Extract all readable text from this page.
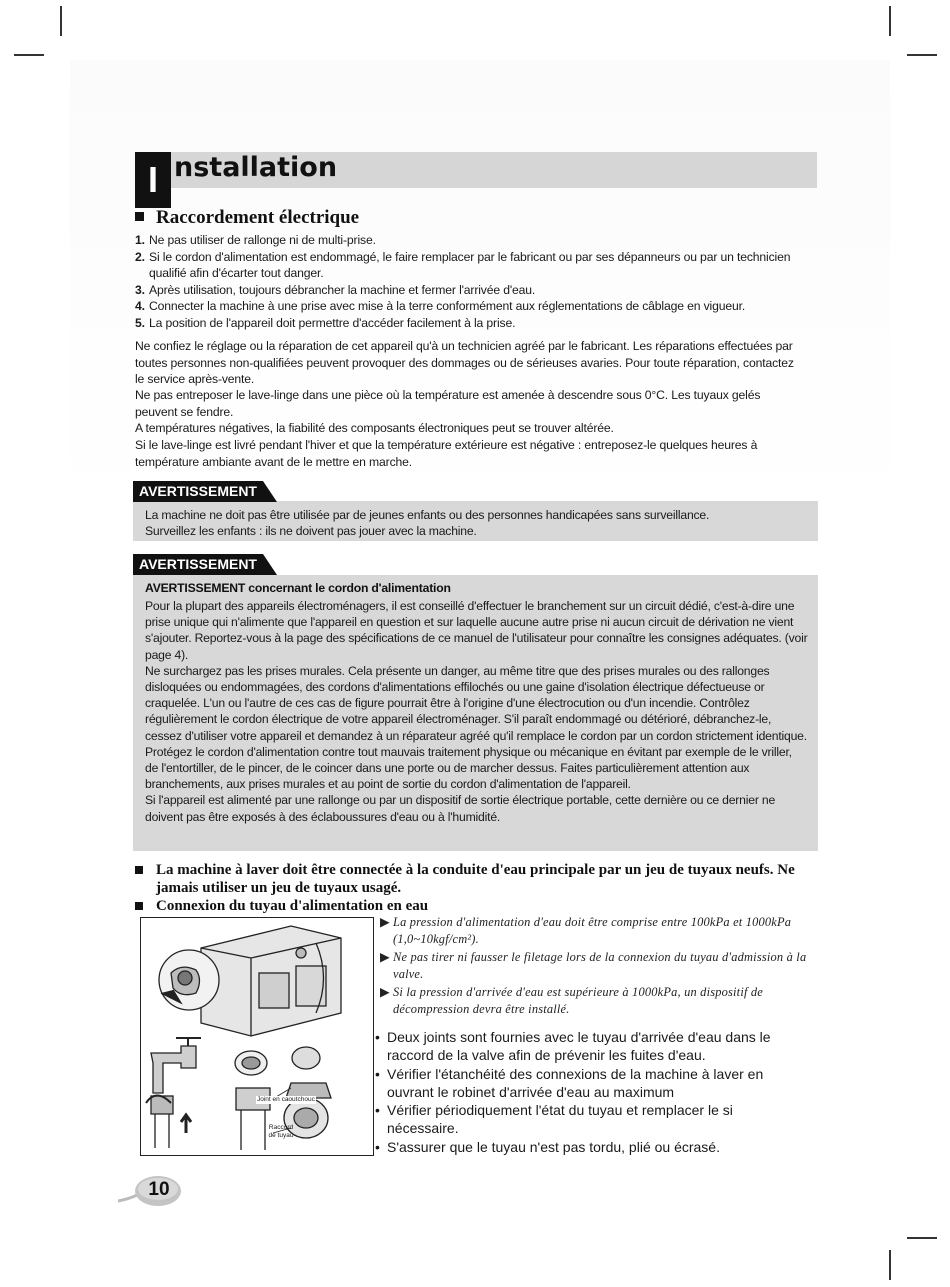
I nstallation
Raccordement électrique
1. Ne pas utiliser de rallonge ni de multi-prise.
2. Si le cordon d'alimentation est endommagé, le faire remplacer par le fabricant ou par ses dépanneurs ou par un technicien qualifié afin d'écarter tout danger.
3. Après utilisation, toujours débrancher la machine et fermer l'arrivée d'eau.
4. Connecter la machine à une prise avec mise à la terre conformément aux réglementations de câblage en vigueur.
5. La position de l'appareil doit permettre d'accéder facilement à la prise.

Ne confiez le réglage ou la réparation de cet appareil qu'à un technicien agréé par le fabricant. Les réparations effectuées par toutes personnes non-qualifiées peuvent provoquer des dommages ou de sérieuses avaries. Pour toute réparation, contactez le service après-vente.

Ne pas entreposer le lave-linge dans une pièce où la température est amenée à descendre sous 0°C. Les tuyaux gelés peuvent se fendre.

A températures négatives, la fiabilité des composants électroniques peut se trouver altérée.

Si le lave-linge est livré pendant l'hiver et que la température extérieure est négative : entreposez-le quelques heures à température ambiante avant de le mettre en marche.

La machine ne doit pas être utilisée par de jeunes enfants ou des personnes handicapées sans surveillance.

Surveillez les enfants : ils ne doivent pas jouer avec la machine.

AVERTISSEMENT

AVERTISSEMENT concernant le cordon d'alimentation

Pour la plupart des appareils électroménagers, il est conseillé d'effectuer le branchement sur un circuit dédié, c'est-à-dire une prise unique qui n'alimente que l'appareil en question et sur laquelle aucune autre prise ni aucun circuit de dérivation ne vient s'ajouter. Reportez-vous à la page des spécifications de ce manuel de l'utilisateur pour connaître les consignes adéquates. (voir page 4).

Ne surchargez pas les prises murales. Cela présente un danger, au même titre que des prises murales ou des rallonges disloquées ou endommagées, des cordons d'alimentations effilochés ou une gaine d'isolation électrique défectueuse or craquelée. L'un ou l'autre de ces cas de figure pourrait être à l'origine d'une électrocution ou d'un incendie. Contrôlez régulièrement le cordon électrique de votre appareil électroménager. S'il paraît endommagé ou détérioré, débranchez-le, cessez d'utiliser votre appareil et demandez à un réparateur agréé qu'il remplace le cordon par un cordon strictement identique.

Protégez le cordon d'alimentation contre tout mauvais traitement physique ou mécanique en évitant par exemple de le vriller, de l'entortiller, de le pincer, de le coincer dans une porte ou de marcher dessus. Faites particulièrement attention aux branchements, aux prises murales et au point de sortie du cordon d'alimentation de l'appareil.

Si l'appareil est alimenté par une rallonge ou par un dispositif de sortie électrique portable, cette dernière ou ce dernier ne doivent pas être exposés à des éclaboussures d'eau ou à l'humidité.

AVERTISSEMENT
La machine à laver doit être connectée à la conduite d'eau principale par un jeu de tuyaux neufs. Ne jamais utiliser un jeu de tuyaux usagé.
Connexion du tuyau d'alimentation en eau
Joint en caoutchouc
Raccord de tuyau
▶ La pression d'alimentation d'eau doit être comprise entre 100kPa et 1000kPa (1,0~10kgf/cm²).
▶ Ne pas tirer ni fausser le filetage lors de la connexion du tuyau d'admission à la valve.
▶ Si la pression d'arrivée d'eau est supérieure à 1000kPa, un dispositif de décompression devra être installé.
• Deux joints sont fournies avec le tuyau d'arrivée d'eau dans le raccord de la valve afin de prévenir les fuites d'eau.
• Vérifier l'étanchéité des connexions de la machine à laver en ouvrant le robinet d'arrivée d'eau au maximum
• Vérifier périodiquement l'état du tuyau et remplacer le si nécessaire.
• S'assurer que le tuyau n'est pas tordu, plié ou écrasé.
10
